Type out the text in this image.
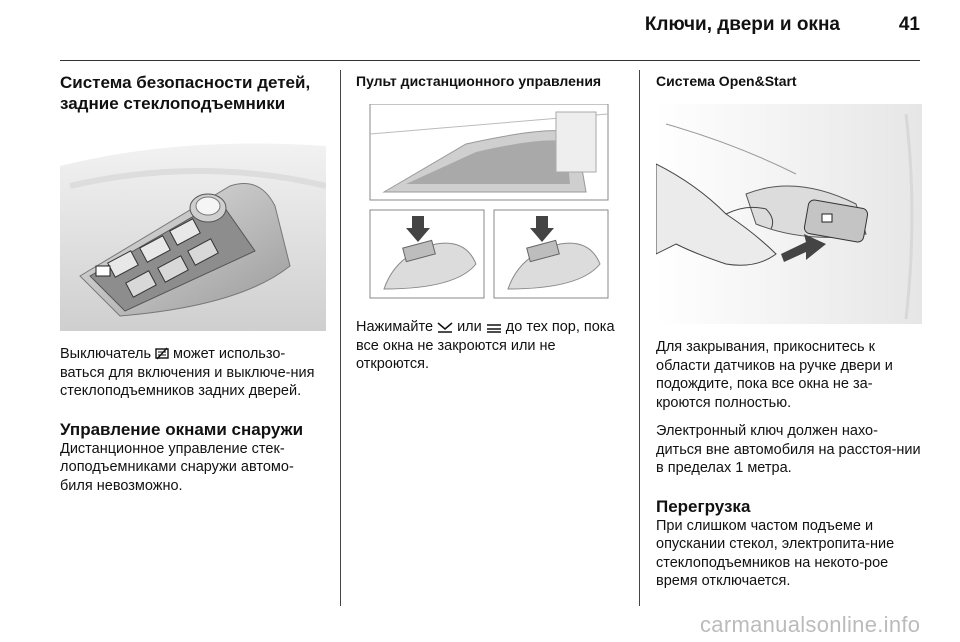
Ключи, двери и окна	41
Система безопасности детей, задние стеклоподъемники

Выключатель  может использо-ваться для включения и выключе-ния стеклоподъемников задних дверей.

Управление окнами снаружи

Дистанционное управление стек-лоподъемниками снаружи автомо-биля невозможно.

Пульт дистанционного управления

Нажимайте  или  до тех пор, пока все окна не закроются или не откроются.

Система Open&Start

Для закрывания, прикоснитесь к области датчиков на ручке двери и подождите, пока все окна не за-кроются полностью.

Электронный ключ должен нахо-диться вне автомобиля на расстоя-нии в пределах 1 метра.

Перегрузка

При слишком частом подъеме и опускании стекол, электропита-ние стеклоподъемников на некото-рое время отключается.

carmanualsonline.info
